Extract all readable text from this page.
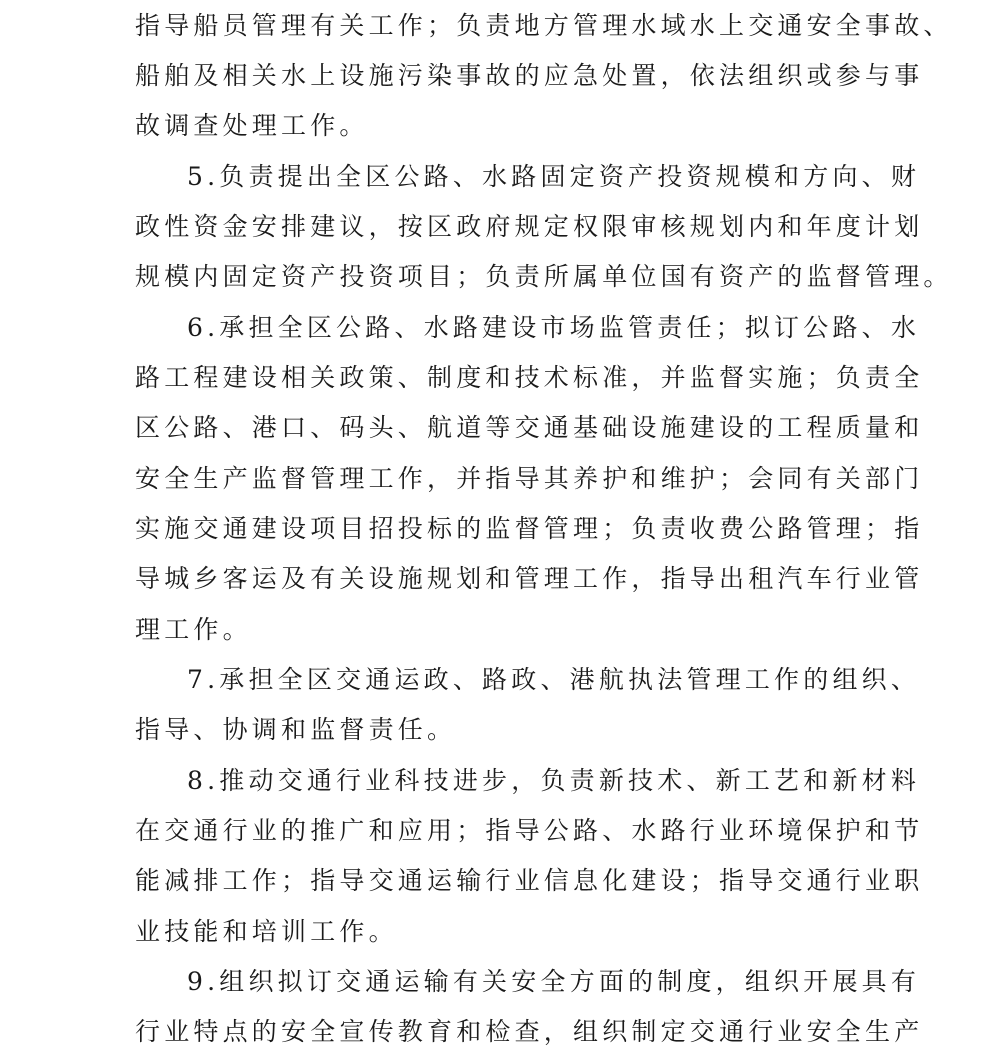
指导船员管理有关工作；负责地方管理水域水上交通安全事故、
船舶及相关水上设施污染事故的应急处置，依法组织或参与事
故调查处理工作。
5.负责提出全区公路、水路固定资产投资规模和方向、财
政性资金安排建议，按区政府规定权限审核规划内和年度计划
规模内固定资产投资项目；负责所属单位国有资产的监督管理。
6.承担全区公路、水路建设市场监管责任；拟订公路、水
路工程建设相关政策、制度和技术标准，并监督实施；负责全
区公路、港口、码头、航道等交通基础设施建设的工程质量和
安全生产监督管理工作，并指导其养护和维护；会同有关部门
实施交通建设项目招投标的监督管理；负责收费公路管理；指
导城乡客运及有关设施规划和管理工作，指导出租汽车行业管
理工作。
7.承担全区交通运政、路政、港航执法管理工作的组织、
指导、协调和监督责任。
8.推动交通行业科技进步，负责新技术、新工艺和新材料
在交通行业的推广和应用；指导公路、水路行业环境保护和节
能减排工作；指导交通运输行业信息化建设；指导交通行业职
业技能和培训工作。
9.组织拟订交通运输有关安全方面的制度，组织开展具有
行业特点的安全宣传教育和检查，组织制定交通行业安全生产
